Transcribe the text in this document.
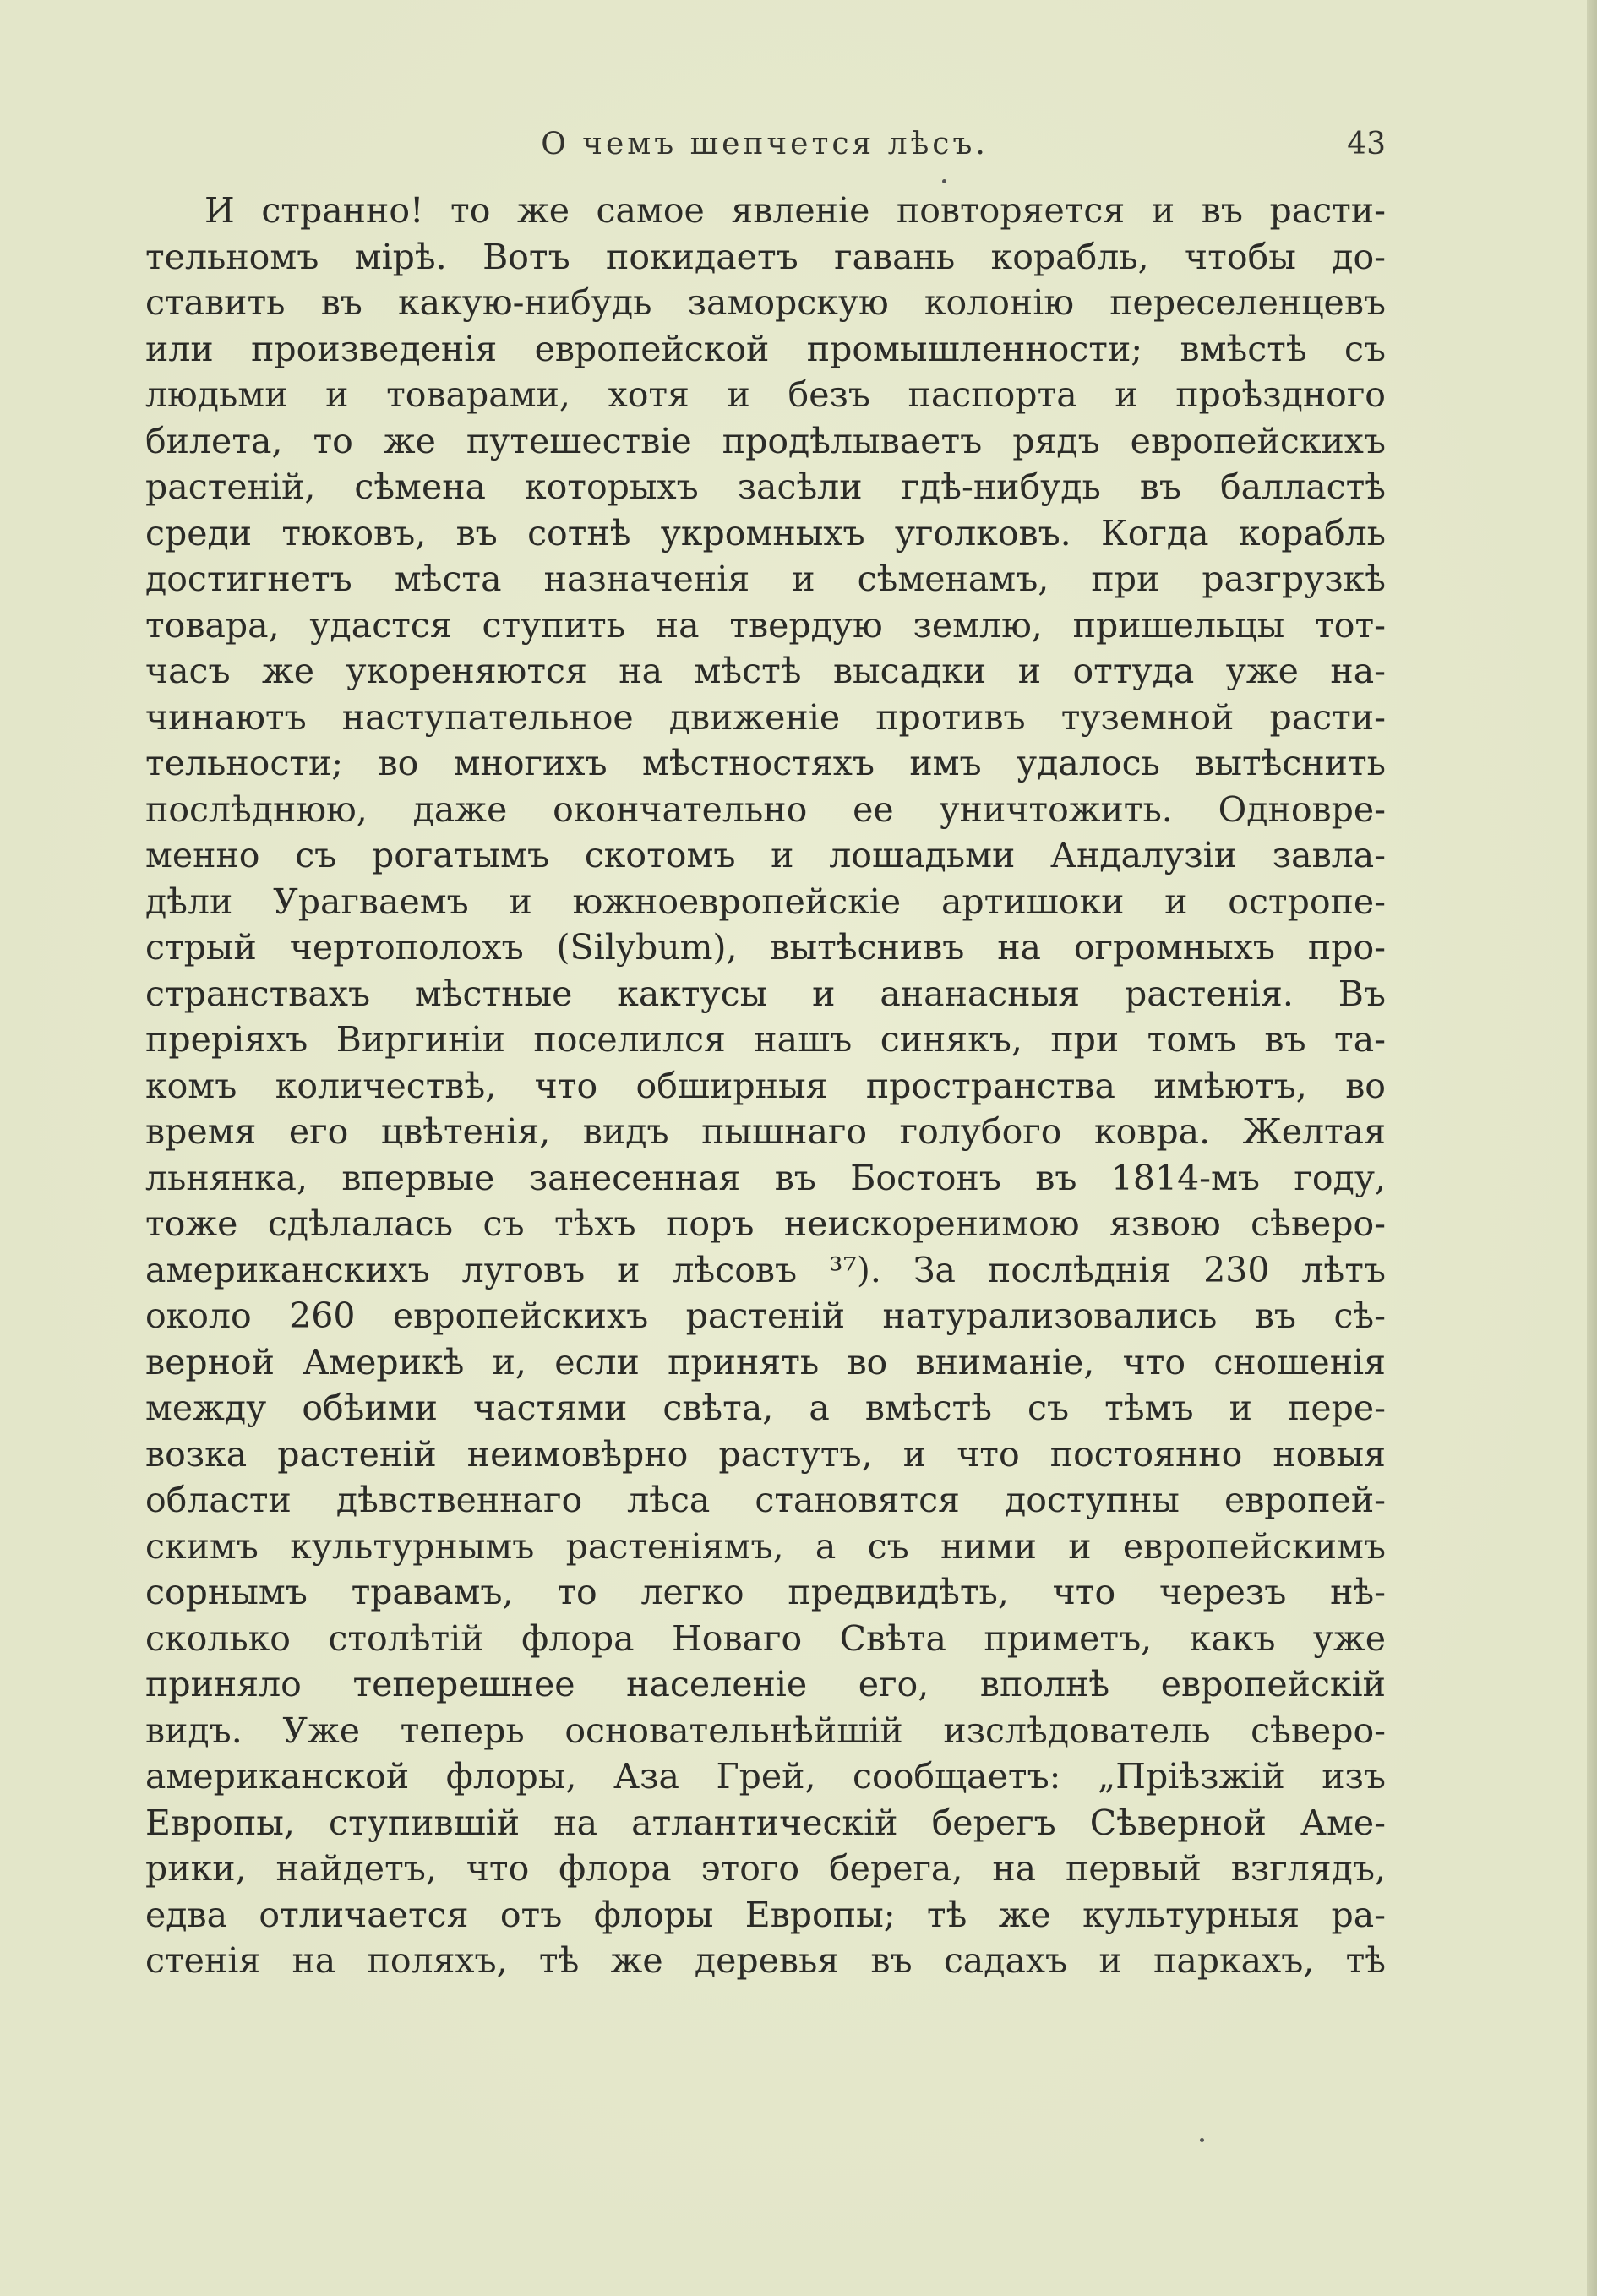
О чемъ шепчется лѣсъ.	43
И странно! то же самое явленіе повторяется и въ расти-
тельномъ мірѣ. Вотъ покидаетъ гавань корабль, чтобы до-
ставить въ какую-нибудь заморскую колонію переселенцевъ
или произведенія европейской промышленности; вмѣстѣ съ
людьми и товарами, хотя и безъ паспорта и проѣздного
билета, то же путешествіе продѣлываетъ рядъ европейскихъ
растеній, сѣмена которыхъ засѣли гдѣ-нибудь въ балластѣ
среди тюковъ, въ сотнѣ укромныхъ уголковъ. Когда корабль
достигнетъ мѣста назначенія и сѣменамъ, при разгрузкѣ
товара, удастся ступить на твердую землю, пришельцы тот-
часъ же укореняются на мѣстѣ высадки и оттуда уже на-
чинаютъ наступательное движеніе противъ туземной расти-
тельности; во многихъ мѣстностяхъ имъ удалось вытѣснить
послѣднюю, даже окончательно ее уничтожить. Одновре-
менно съ рогатымъ скотомъ и лошадьми Андалузіи завла-
дѣли Урагваемъ и южноевропейскіе артишоки и остропе-
стрый чертополохъ (Silybum), вытѣснивъ на огромныхъ про-
странствахъ мѣстные кактусы и ананасныя растенія. Въ
преріяхъ Виргиніи поселился нашъ синякъ, при томъ въ та-
комъ количествѣ, что обширныя пространства имѣютъ, во
время его цвѣтенія, видъ пышнаго голубого ковра. Желтая
льнянка, впервые занесенная въ Бостонъ въ 1814-мъ году,
тоже сдѣлалась съ тѣхъ поръ неискоренимою язвою сѣверо-
американскихъ луговъ и лѣсовъ ³⁷). За послѣднія 230 лѣтъ
около 260 европейскихъ растеній натурализовались въ сѣ-
верной Америкѣ и, если принять во вниманіе, что сношенія
между обѣими частями свѣта, а вмѣстѣ съ тѣмъ и пере-
возка растеній неимовѣрно растутъ, и что постоянно новыя
области дѣвственнаго лѣса становятся доступны европей-
скимъ культурнымъ растеніямъ, а съ ними и европейскимъ
сорнымъ травамъ, то легко предвидѣть, что черезъ нѣ-
сколько столѣтій флора Новаго Свѣта приметъ, какъ уже
приняло теперешнее населеніе его, вполнѣ европейскій
видъ. Уже теперь основательнѣйшій изслѣдователь сѣверо-
американской флоры, Аза Грей, сообщаетъ: „Пріѣзжій изъ
Европы, ступившій на атлантическій берегъ Сѣверной Аме-
рики, найдетъ, что флора этого берега, на первый взглядъ,
едва отличается отъ флоры Европы; тѣ же культурныя ра-
стенія на поляхъ, тѣ же деревья въ садахъ и паркахъ, тѣ
